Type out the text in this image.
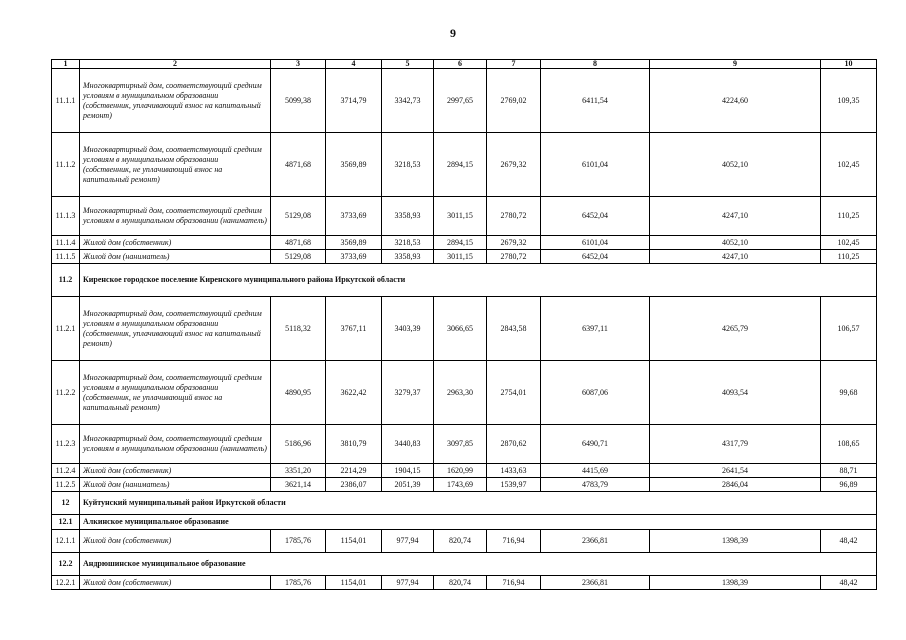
9
1	2	3	4	5	6	7	8	9	10
11.1.1	Многоквартирный дом, соответствующий средним условиям в муниципальном образовании (собственник, уплачивающий взнос на капитальный ремонт)	5099,38	3714,79	3342,73	2997,65	2769,02	6411,54	4224,60	109,35
11.1.2	Многоквартирный дом, соответствующий средним условиям в муниципальном образовании (собственник, не уплачивающий взнос на капитальный ремонт)	4871,68	3569,89	3218,53	2894,15	2679,32	6101,04	4052,10	102,45
11.1.3	Многоквартирный дом, соответствующий средним условиям в муниципальном образовании (наниматель)	5129,08	3733,69	3358,93	3011,15	2780,72	6452,04	4247,10	110,25
11.1.4	Жилой дом (собственник)	4871,68	3569,89	3218,53	2894,15	2679,32	6101,04	4052,10	102,45
11.1.5	Жилой дом (наниматель)	5129,08	3733,69	3358,93	3011,15	2780,72	6452,04	4247,10	110,25
11.2	Киренское городское поселение Киренского муниципального района Иркутской области								
11.2.1	Многоквартирный дом, соответствующий средним условиям в муниципальном образовании (собственник, уплачивающий взнос на капитальный ремонт)	5118,32	3767,11	3403,39	3066,65	2843,58	6397,11	4265,79	106,57
11.2.2	Многоквартирный дом, соответствующий средним условиям в муниципальном образовании (собственник, не уплачивающий взнос на капитальный ремонт)	4890,95	3622,42	3279,37	2963,30	2754,01	6087,06	4093,54	99,68
11.2.3	Многоквартирный дом, соответствующий средним условиям в муниципальном образовании (наниматель)	5186,96	3810,79	3440,83	3097,85	2870,62	6490,71	4317,79	108,65
11.2.4	Жилой дом (собственник)	3351,20	2214,29	1904,15	1620,99	1433,63	4415,69	2641,54	88,71
11.2.5	Жилой дом (наниматель)	3621,14	2386,07	2051,39	1743,69	1539,97	4783,79	2846,04	96,89
12	Куйтунский муниципальный район Иркутской области								
12.1	Алкинское муниципальное образование								
12.1.1	Жилой дом (собственник)	1785,76	1154,01	977,94	820,74	716,94	2366,81	1398,39	48,42
12.2	Андрюшинское муниципальное образование								
12.2.1	Жилой дом (собственник)	1785,76	1154,01	977,94	820,74	716,94	2366,81	1398,39	48,42
